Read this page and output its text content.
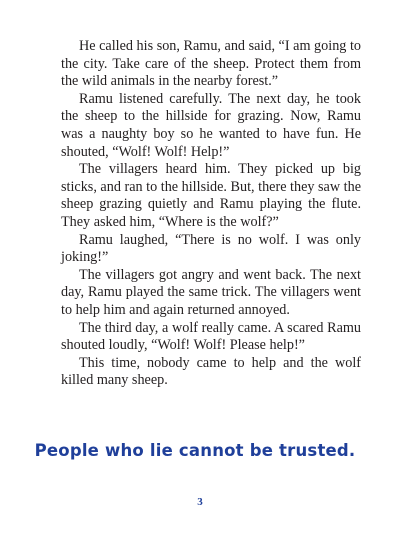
He called his son, Ramu, and said, “I am going to the city. Take care of the sheep. Protect them from the wild animals in the nearby forest.”

Ramu listened carefully. The next day, he took the sheep to the hillside for grazing. Now, Ramu was a naughty boy so he wanted to have fun. He shouted, “Wolf! Wolf! Help!”

The villagers heard him. They picked up big sticks, and ran to the hillside. But, there they saw the sheep grazing quietly and Ramu playing the flute. They asked him, “Where is the wolf?”

Ramu laughed, “There is no wolf. I was only joking!”

The villagers got angry and went back. The next day, Ramu played the same trick. The villagers went to help him and again returned annoyed.

The third day, a wolf really came. A scared Ramu shouted loudly, “Wolf! Wolf! Please help!”

This time, nobody came to help and the wolf killed many sheep.

People who lie cannot be trusted.
3
